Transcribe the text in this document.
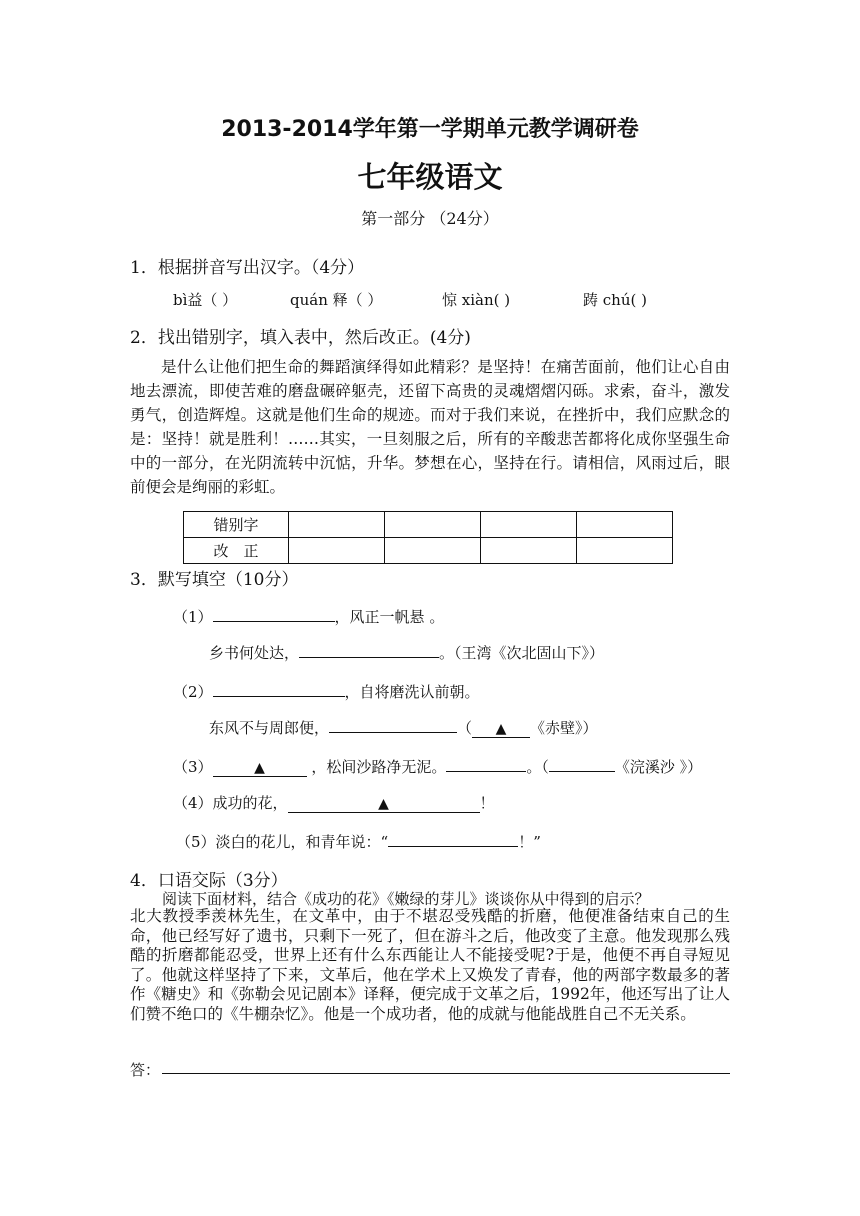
2013-2014学年第一学期单元教学调研卷
七年级语文
第一部分 （24分）
1．根据拼音写出汉字。（4分）
bì益（ ）	quán 释（ ）	惊 xiàn( )	踌 chú( )
2．找出错别字，填入表中，然后改正。(4分)

是什么让他们把生命的舞蹈演绎得如此精彩？是坚持！在痛苦面前，他们让心自由地去漂流，即使苦难的磨盘碾碎躯壳，还留下高贵的灵魂熠熠闪砾。求索，奋斗，激发勇气，创造辉煌。这就是他们生命的规迹。而对于我们来说，在挫折中，我们应默念的是：坚持！就是胜利！……其实，一旦刻服之后，所有的辛酸悲苦都将化成你坚强生命中的一部分，在光阴流转中沉惦，升华。梦想在心，坚持在行。请相信，风雨过后，眼前便会是绚丽的彩虹。

错别字				
改　正				
3．默写填空（10分）
（1）	，风正一帆悬 。
乡书何处达，	。（王湾《次北固山下》）
（2）	，自将磨洗认前朝。
东风不与周郎便，	（ ▲ 《赤壁》）
（3）	▲	，松间沙路净无泥。	。（	《浣溪沙 》）
（4）成功的花，	▲	！
（5）淡白的花儿，和青年说：“	！”
4．口语交际（3分）
阅读下面材料，结合《成功的花》《嫩绿的芽儿》谈谈你从中得到的启示？

北大教授季羡林先生，在文革中，由于不堪忍受残酷的折磨，他便准备结束自己的生命，他已经写好了遗书，只剩下一死了，但在游斗之后，他改变了主意。他发现那么残酷的折磨都能忍受，世界上还有什么东西能让人不能接受呢?于是，他便不再自寻短见了。他就这样坚持了下来，文革后，他在学术上又焕发了青春，他的两部字数最多的著作《糖史》和《弥勒会见记剧本》译释，便完成于文革之后，1992年，他还写出了让人们赞不绝口的《牛棚杂忆》。他是一个成功者，他的成就与他能战胜自己不无关系。

答：
